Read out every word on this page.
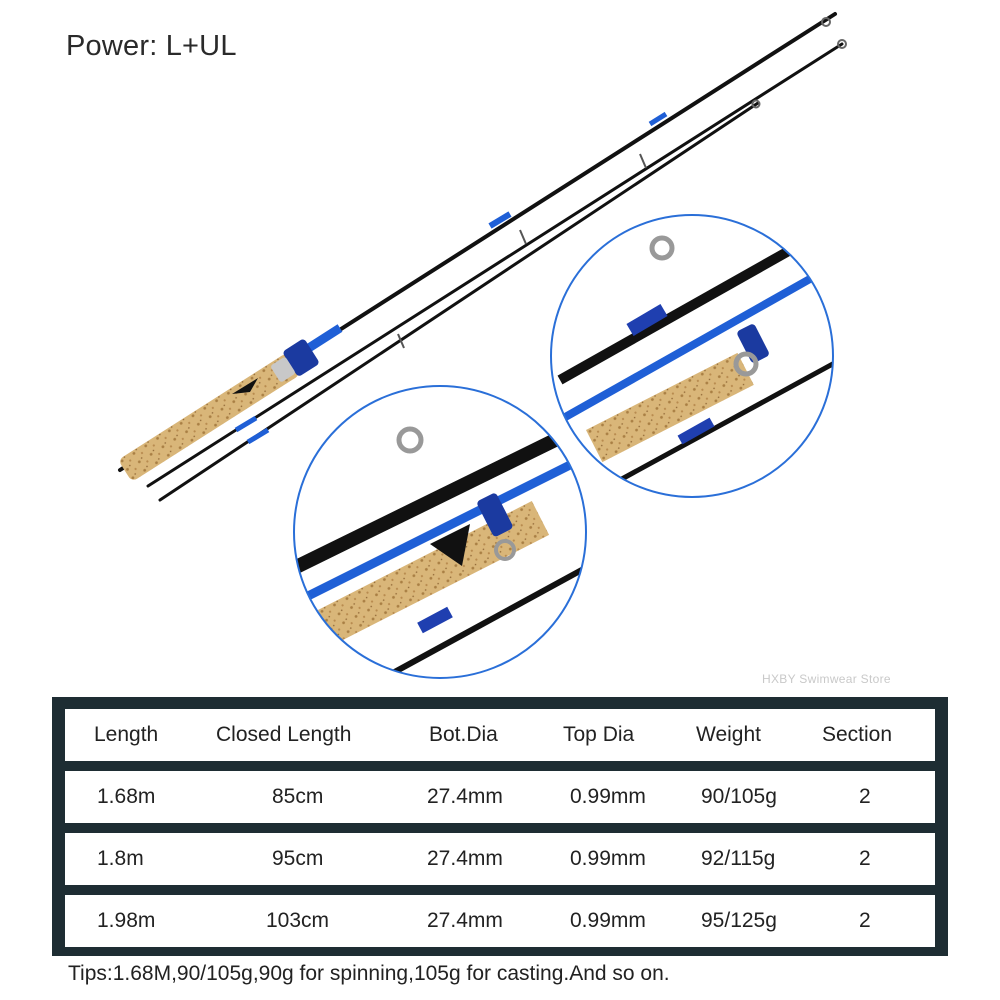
Power: L+UL
HXBY Swimwear Store
Length	Closed Length	Bot.Dia	Top Dia	Weight	Section
1.68m	85cm	27.4mm	0.99mm	90/105g	2
1.8m	95cm	27.4mm	0.99mm	92/115g	2
1.98m	103cm	27.4mm	0.99mm	95/125g	2
Tips:1.68M,90/105g,90g for spinning,105g for casting.And so on.
